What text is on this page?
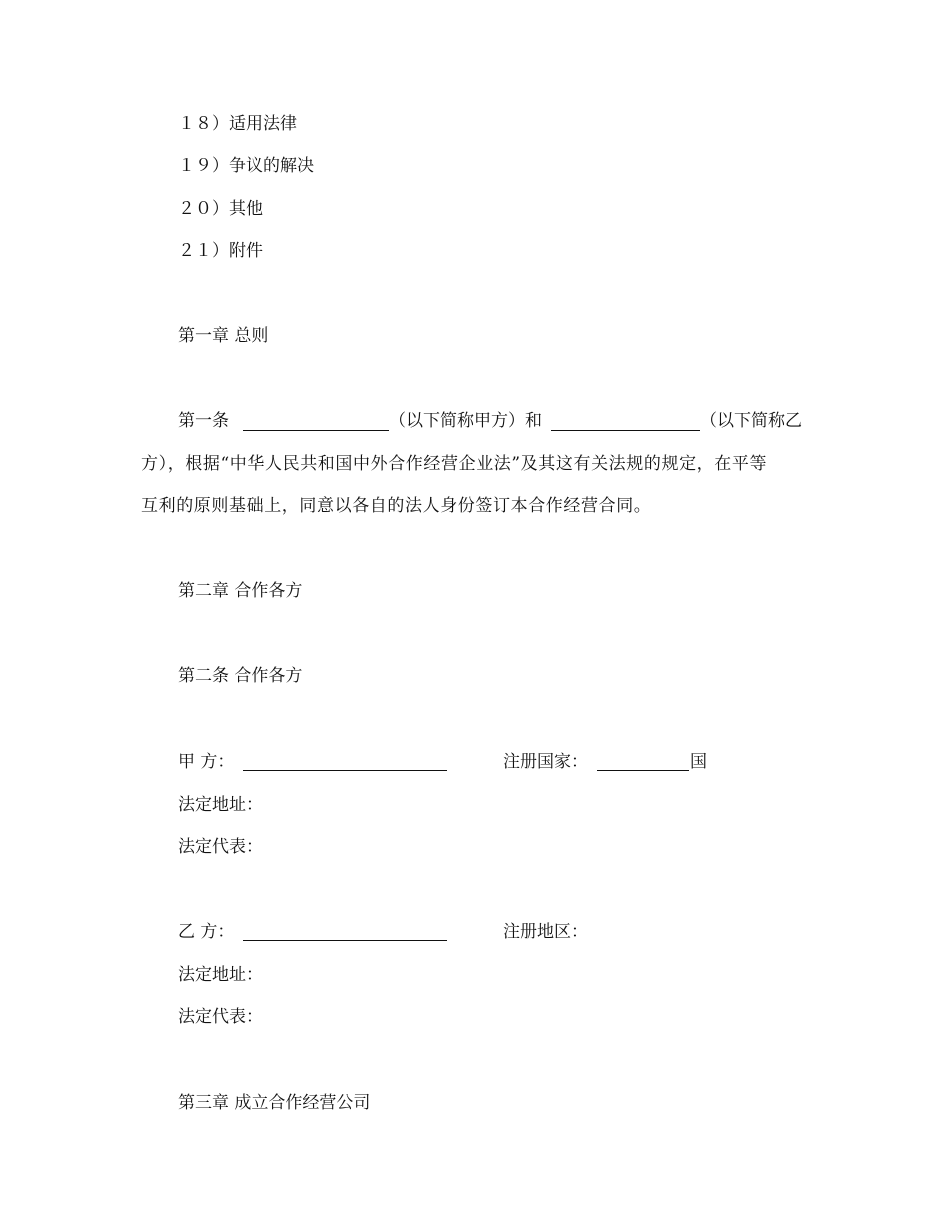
１８）适用法律
１９）争议的解决
２０）其他
２１）附件
第一章 总则
第一条	（以下简称甲方）和	（以下简称乙
方），根据“中华人民共和国中外合作经营企业法”及其这有关法规的规定，在平等
互利的原则基础上，同意以各自的法人身份签订本合作经营合同。
第二章 合作各方
第二条 合作各方
甲 方：	注册国家：	国
法定地址：
法定代表：
乙 方：	注册地区：
法定地址：
法定代表：
第三章 成立合作经营公司
